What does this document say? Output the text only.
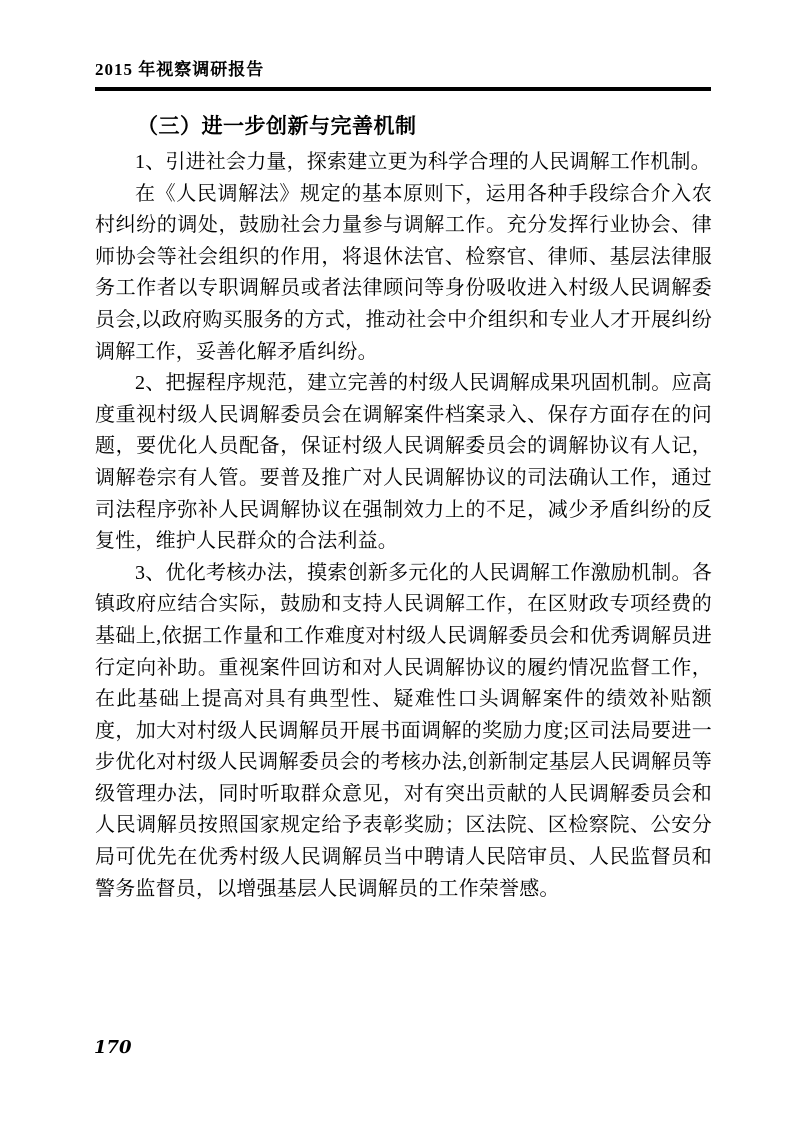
2015 年视察调研报告
（三）进一步创新与完善机制

1、引进社会力量，探索建立更为科学合理的人民调解工作机制。

在《人民调解法》规定的基本原则下，运用各种手段综合介入农村纠纷的调处，鼓励社会力量参与调解工作。充分发挥行业协会、律师协会等社会组织的作用，将退休法官、检察官、律师、基层法律服务工作者以专职调解员或者法律顾问等身份吸收进入村级人民调解委员会,以政府购买服务的方式，推动社会中介组织和专业人才开展纠纷调解工作，妥善化解矛盾纠纷。

2、把握程序规范，建立完善的村级人民调解成果巩固机制。应高度重视村级人民调解委员会在调解案件档案录入、保存方面存在的问题，要优化人员配备，保证村级人民调解委员会的调解协议有人记，调解卷宗有人管。要普及推广对人民调解协议的司法确认工作，通过司法程序弥补人民调解协议在强制效力上的不足，减少矛盾纠纷的反复性，维护人民群众的合法利益。

3、优化考核办法，摸索创新多元化的人民调解工作激励机制。各镇政府应结合实际，鼓励和支持人民调解工作，在区财政专项经费的基础上,依据工作量和工作难度对村级人民调解委员会和优秀调解员进行定向补助。重视案件回访和对人民调解协议的履约情况监督工作，在此基础上提高对具有典型性、疑难性口头调解案件的绩效补贴额度，加大对村级人民调解员开展书面调解的奖励力度;区司法局要进一步优化对村级人民调解委员会的考核办法,创新制定基层人民调解员等级管理办法，同时听取群众意见，对有突出贡献的人民调解委员会和人民调解员按照国家规定给予表彰奖励；区法院、区检察院、公安分局可优先在优秀村级人民调解员当中聘请人民陪审员、人民监督员和警务监督员，以增强基层人民调解员的工作荣誉感。

170
